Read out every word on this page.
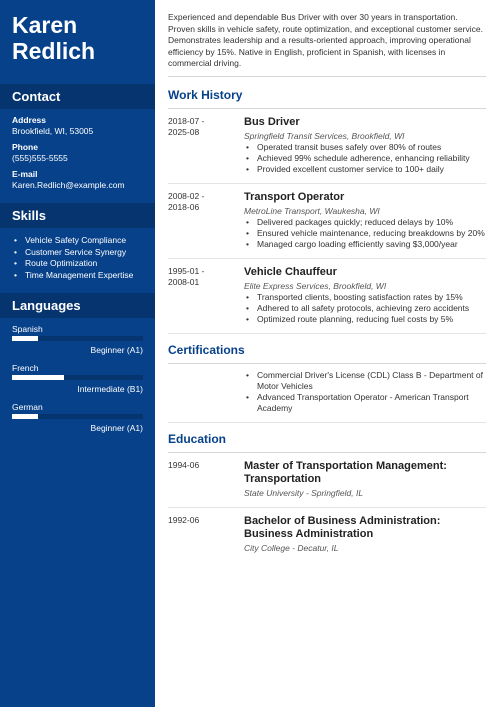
Karen
Redlich
Contact
Address
Brookfield, WI, 53005
Phone
(555)555-5555
E-mail
Karen.Redlich@example.com
Skills
• Vehicle Safety Compliance
• Customer Service Synergy
• Route Optimization
• Time Management Expertise
Languages
Spanish
Beginner (A1)
French
Intermediate (B1)
German
Beginner (A1)

Experienced and dependable Bus Driver with over 30 years in transportation. Proven skills in vehicle safety, route optimization, and exceptional customer service. Demonstrates leadership and a results-oriented approach, improving operational efficiency by 15%. Native in English, proficient in Spanish, with licenses in commercial driving.

Work History
2018-07 -
2025-08
Bus Driver
Springfield Transit Services, Brookfield, WI
• Operated transit buses safely over 80% of routes
• Achieved 99% schedule adherence, enhancing reliability
• Provided excellent customer service to 100+ daily
2008-02 -
2018-06
Transport Operator
MetroLine Transport, Waukesha, WI
• Delivered packages quickly; reduced delays by 10%
• Ensured vehicle maintenance, reducing breakdowns by 20%
• Managed cargo loading efficiently saving $3,000/year
1995-01 -
2008-01
Vehicle Chauffeur
Elite Express Services, Brookfield, WI
• Transported clients, boosting satisfaction rates by 15%
• Adhered to all safety protocols, achieving zero accidents
• Optimized route planning, reducing fuel costs by 5%
Certifications
• Commercial Driver's License (CDL) Class B - Department of Motor Vehicles
• Advanced Transportation Operator - American Transport Academy
Education
1994-06	Master of Transportation Management: Transportation
State University - Springfield, IL
1992-06	Bachelor of Business Administration: Business Administration
City College - Decatur, IL
